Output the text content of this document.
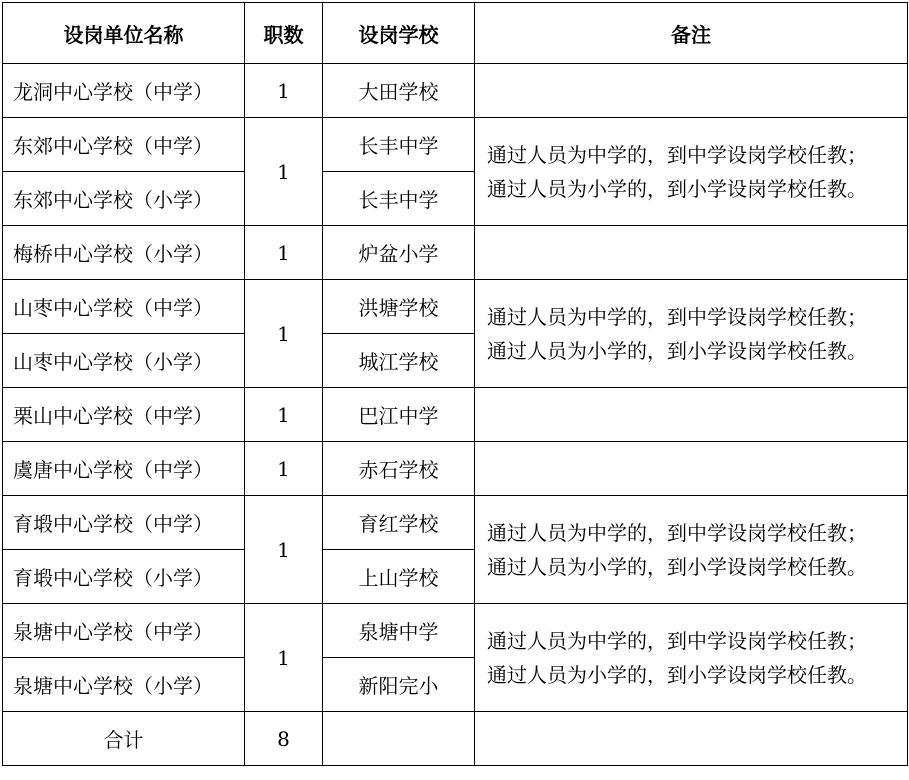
设岗单位名称	职数	设岗学校	备注
龙洞中心学校（中学）	1	大田学校	
东郊中心学校（中学）	1	长丰中学	通过人员为中学的，到中学设岗学校任教；
通过人员为小学的，到小学设岗学校任教。

东郊中心学校（小学）		长丰中学	
梅桥中心学校（小学）	1	炉盆小学	
山枣中心学校（中学）	1	洪塘学校	通过人员为中学的，到中学设岗学校任教；
通过人员为小学的，到小学设岗学校任教。

山枣中心学校（小学）		城江学校	
栗山中心学校（中学）	1	巴江中学	
虞唐中心学校（中学）	1	赤石学校	
育塅中心学校（中学）	1	育红学校	通过人员为中学的，到中学设岗学校任教；
通过人员为小学的，到小学设岗学校任教。

育塅中心学校（小学）		上山学校	
泉塘中心学校（中学）	1	泉塘中学	通过人员为中学的，到中学设岗学校任教；
通过人员为小学的，到小学设岗学校任教。

泉塘中心学校（小学）		新阳完小	
合计	8		
